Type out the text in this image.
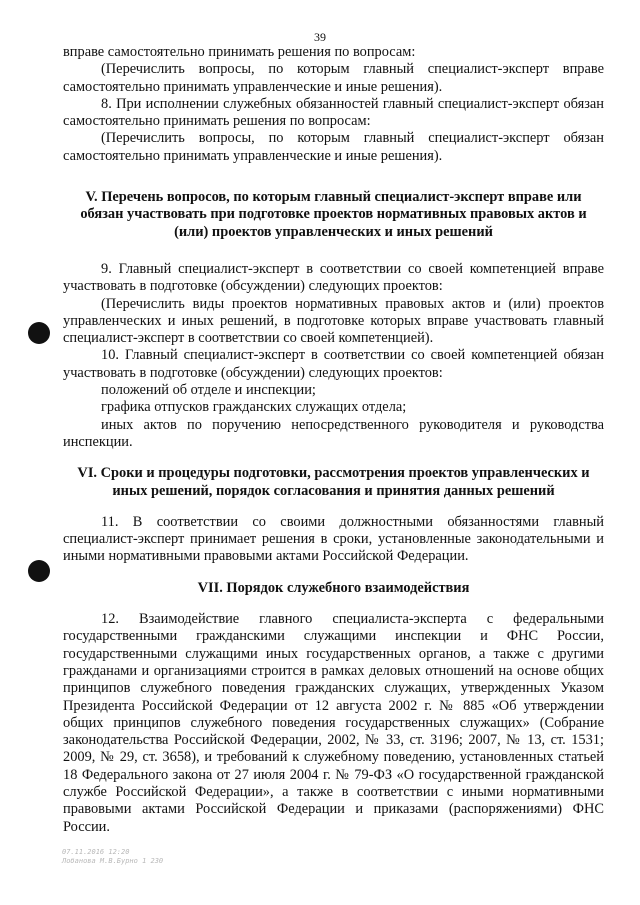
39

вправе самостоятельно принимать решения по вопросам:

(Перечислить вопросы, по которым главный специалист-эксперт вправе самостоятельно принимать управленческие и иные решения).

8. При исполнении служебных обязанностей главный специалист-эксперт обязан самостоятельно принимать решения по вопросам:

(Перечислить вопросы, по которым главный специалист-эксперт обязан самостоятельно принимать управленческие и иные решения).

V. Перечень вопросов, по которым главный специалист-эксперт вправе или обязан участвовать при подготовке проектов нормативных правовых актов и (или) проектов управленческих и иных решений

9. Главный специалист-эксперт в соответствии со своей компетенцией вправе участвовать в подготовке (обсуждении) следующих проектов:

(Перечислить виды проектов нормативных правовых актов и (или) проектов управленческих и иных решений, в подготовке которых вправе участвовать главный специалист-эксперт в соответствии со своей компетенцией).

10. Главный специалист-эксперт в соответствии со своей компетенцией обязан участвовать в подготовке (обсуждении) следующих проектов:

положений об отделе и инспекции;

графика отпусков гражданских служащих отдела;

иных актов по поручению непосредственного руководителя и руководства инспекции.

VI. Сроки и процедуры подготовки, рассмотрения проектов управленческих и иных решений, порядок согласования и принятия данных решений

11. В соответствии со своими должностными обязанностями главный специалист-эксперт принимает решения в сроки, установленные законодательными и иными нормативными правовыми актами Российской Федерации.

VII. Порядок служебного взаимодействия

12. Взаимодействие главного специалиста-эксперта с федеральными государственными гражданскими служащими инспекции и ФНС России, государственными служащими иных государственных органов, а также с другими гражданами и организациями строится в рамках деловых отношений на основе общих принципов служебного поведения гражданских служащих, утвержденных Указом Президента Российской Федерации от 12 августа 2002 г. № 885 «Об утверждении общих принципов служебного поведения государственных служащих» (Собрание законодательства Российской Федерации, 2002, № 33, ст. 3196; 2007, № 13, ст. 1531; 2009, № 29, ст. 3658), и требований к служебному поведению, установленных статьей 18 Федерального закона от 27 июля 2004 г. № 79-ФЗ «О государственной гражданской службе Российской Федерации», а также в соответствии с иными нормативными правовыми актами Российской Федерации и приказами (распоряжениями) ФНС России.

07.11.2016 12:20
Лобанова М.В.Бурно 1 230
